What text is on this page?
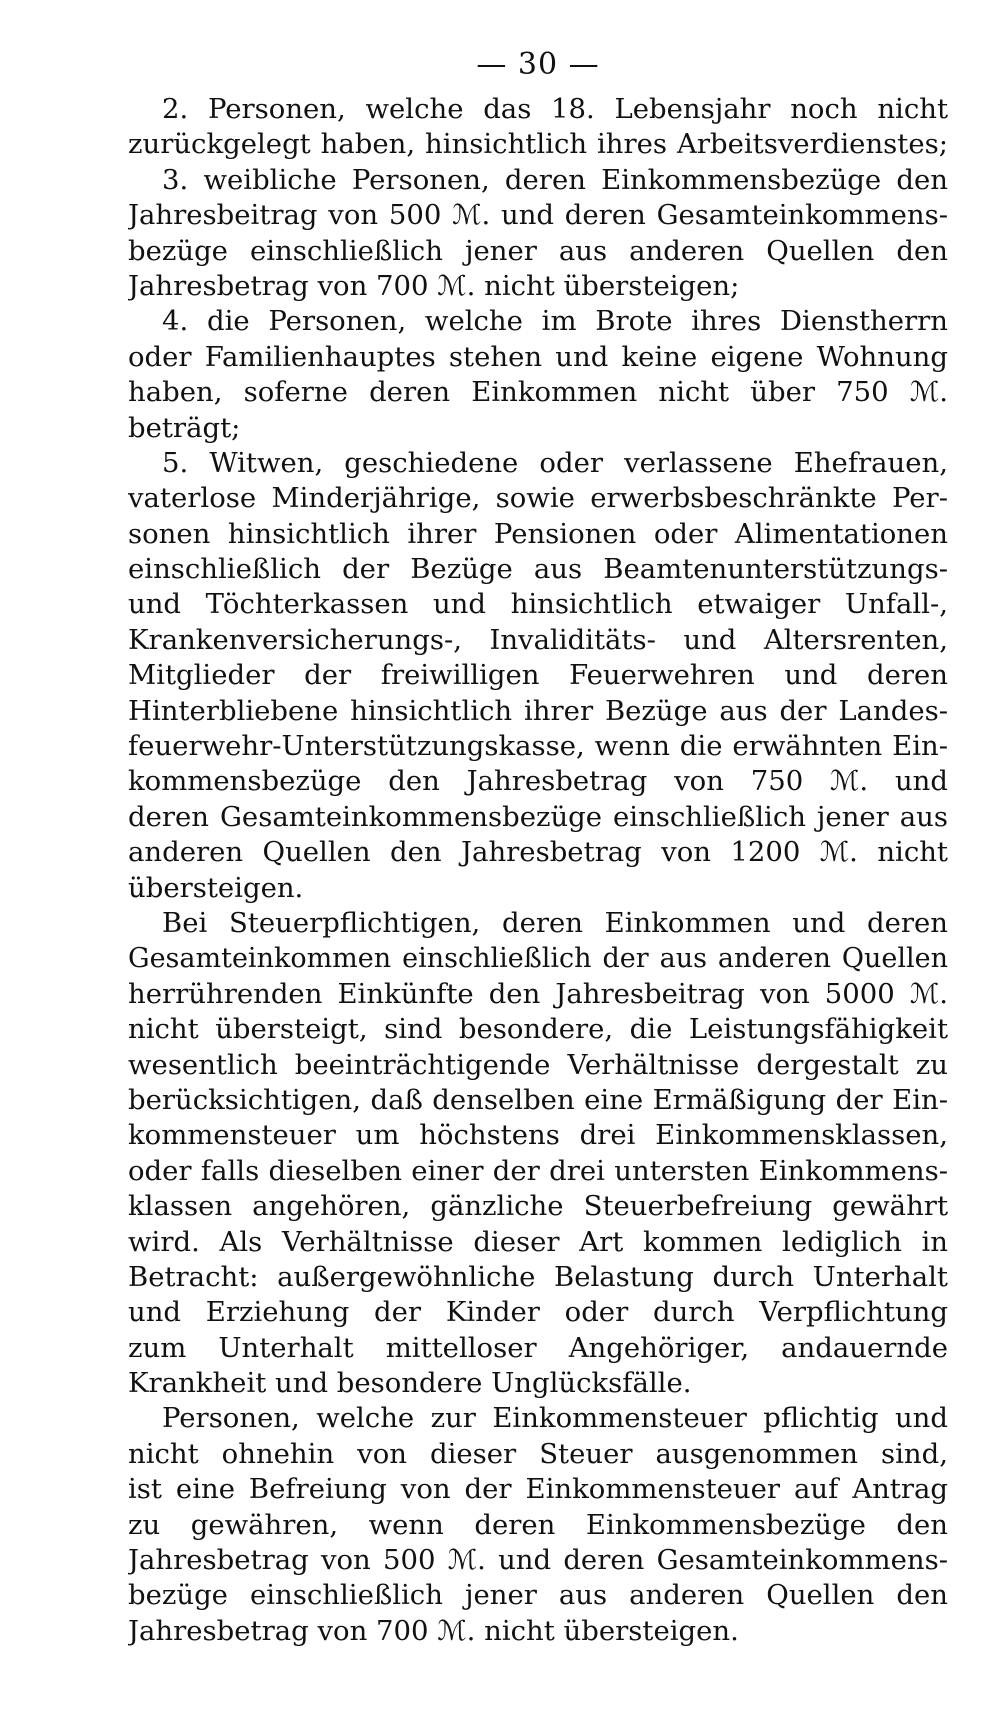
— 30 —
2. Personen, welche das 18. Lebensjahr noch nicht
zurückgelegt haben, hinsichtlich ihres Arbeitsverdienstes;
3. weibliche Personen, deren Einkommensbezüge den
Jahresbeitrag von 500 ℳ. und deren Gesamteinkommens-
bezüge einschließlich jener aus anderen Quellen den
Jahresbetrag von 700 ℳ. nicht übersteigen;
4. die Personen, welche im Brote ihres Dienstherrn
oder Familienhauptes stehen und keine eigene Wohnung
haben, soferne deren Einkommen nicht über 750 ℳ.
beträgt;
5. Witwen, geschiedene oder verlassene Ehefrauen,
vaterlose Minderjährige, sowie erwerbsbeschränkte Per-
sonen hinsichtlich ihrer Pensionen oder Alimentationen
einschließlich der Bezüge aus Beamtenunterstützungs-
und Töchterkassen und hinsichtlich etwaiger Unfall-,
Krankenversicherungs-, Invaliditäts- und Altersrenten,
Mitglieder der freiwilligen Feuerwehren und deren
Hinterbliebene hinsichtlich ihrer Bezüge aus der Landes-
feuerwehr-Unterstützungskasse, wenn die erwähnten Ein-
kommensbezüge den Jahresbetrag von 750 ℳ. und
deren Gesamteinkommensbezüge einschließlich jener aus
anderen Quellen den Jahresbetrag von 1200 ℳ. nicht
übersteigen.
Bei Steuerpflichtigen, deren Einkommen und deren
Gesamteinkommen einschließlich der aus anderen Quellen
herrührenden Einkünfte den Jahresbeitrag von 5000 ℳ.
nicht übersteigt, sind besondere, die Leistungsfähigkeit
wesentlich beeinträchtigende Verhältnisse dergestalt zu
berücksichtigen, daß denselben eine Ermäßigung der Ein-
kommensteuer um höchstens drei Einkommensklassen,
oder falls dieselben einer der drei untersten Einkommens-
klassen angehören, gänzliche Steuerbefreiung gewährt
wird. Als Verhältnisse dieser Art kommen lediglich in
Betracht: außergewöhnliche Belastung durch Unterhalt
und Erziehung der Kinder oder durch Verpflichtung
zum Unterhalt mittelloser Angehöriger, andauernde
Krankheit und besondere Unglücksfälle.
Personen, welche zur Einkommensteuer pflichtig und
nicht ohnehin von dieser Steuer ausgenommen sind,
ist eine Befreiung von der Einkommensteuer auf Antrag
zu gewähren, wenn deren Einkommensbezüge den
Jahresbetrag von 500 ℳ. und deren Gesamteinkommens-
bezüge einschließlich jener aus anderen Quellen den
Jahresbetrag von 700 ℳ. nicht übersteigen.
